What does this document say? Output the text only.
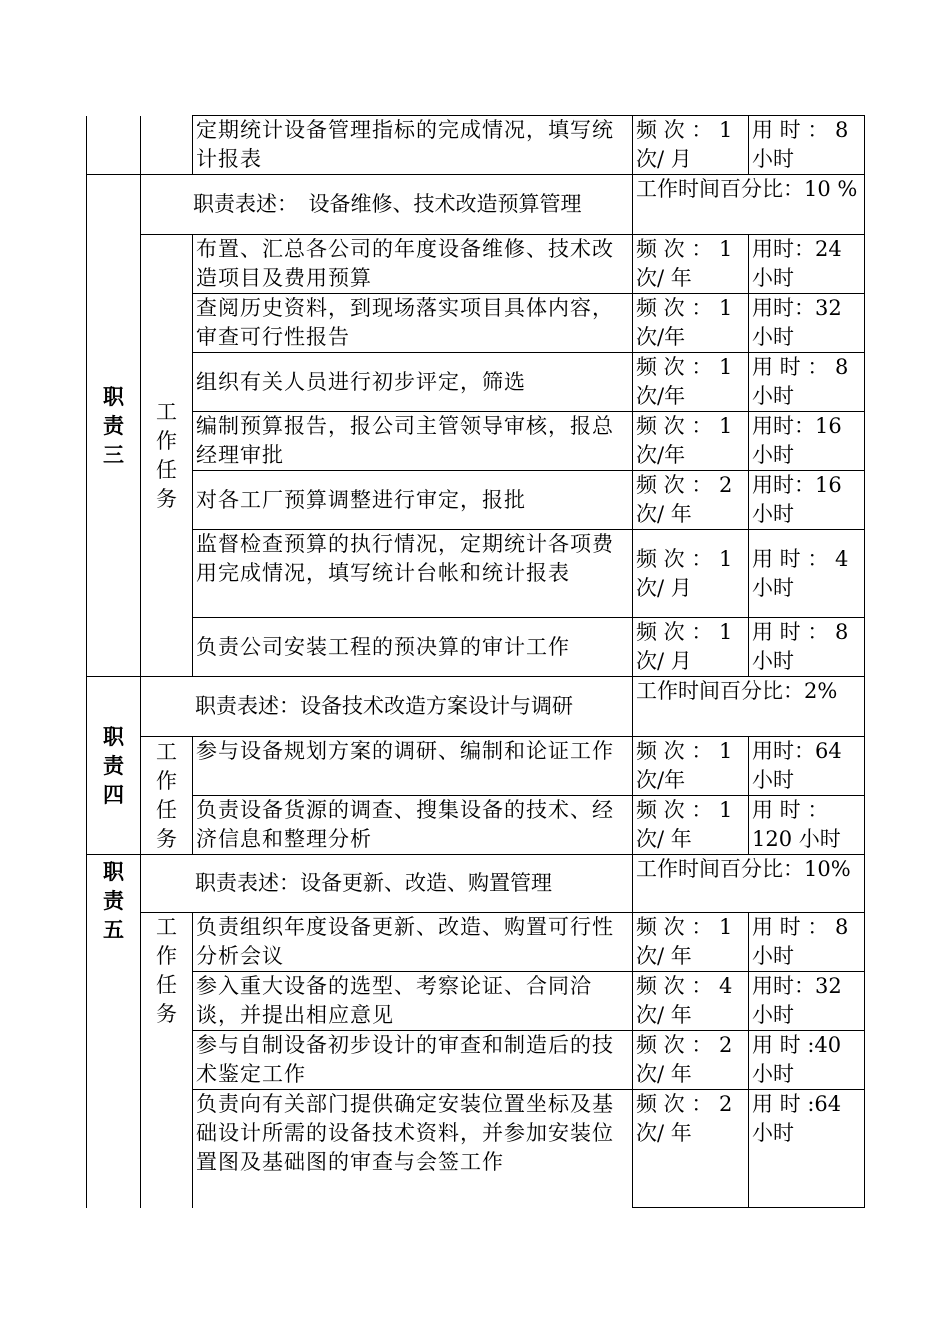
		定期统计设备管理指标的完成情况，填写统计报表	频 次 ： 1次/ 月	用 时 ： 8小时

职
责
三	职责表述：　设备维修、技术改造预算管理		工作时间百分比：10 %	

	工
作
任
务	布置、汇总各公司的年度设备维修、技术改造项目及费用预算	频 次 ： 1次/ 年	用时：24小时
		查阅历史资料，到现场落实项目具体内容，审查可行性报告	频 次 ： 1次/年	用时：32小时
		组织有关人员进行初步评定，筛选	频 次 ： 1次/年	用 时 ： 8小时
		编制预算报告，报公司主管领导审核，报总经理审批	频 次 ： 1次/年	用时：16小时
		对各工厂预算调整进行审定，报批	频 次 ： 2次/ 年	用时：16小时
		监督检查预算的执行情况，定期统计各项费用完成情况，填写统计台帐和统计报表	频 次 ： 1次/ 月	用 时 ： 4小时
		负责公司安装工程的预决算的审计工作	频 次 ： 1次/ 月	用 时 ： 8小时

职
责
四	职责表述：设备技术改造方案设计与调研		工作时间百分比：2%	

	工
作
任
务	参与设备规划方案的调研、编制和论证工作	频 次 ： 1次/年	用时：64小时
		负责设备货源的调查、搜集设备的技术、经济信息和整理分析	频 次 ： 1次/ 年	用 时 ：120 小时

职
责
五	职责表述：设备更新、改造、购置管理		工作时间百分比：10%	

	工
作
任
务	负责组织年度设备更新、改造、购置可行性分析会议	频 次 ： 1次/ 年	用 时 ： 8小时
		参入重大设备的选型、考察论证、合同洽谈，并提出相应意见	频 次 ： 4次/ 年	用时：32小时
		参与自制设备初步设计的审查和制造后的技术鉴定工作	频 次 ： 2次/ 年	用 时 :40小时
		负责向有关部门提供确定安装位置坐标及基础设计所需的设备技术资料，并参加安装位置图及基础图的审查与会签工作	频 次 ： 2次/ 年	用 时 :64小时
